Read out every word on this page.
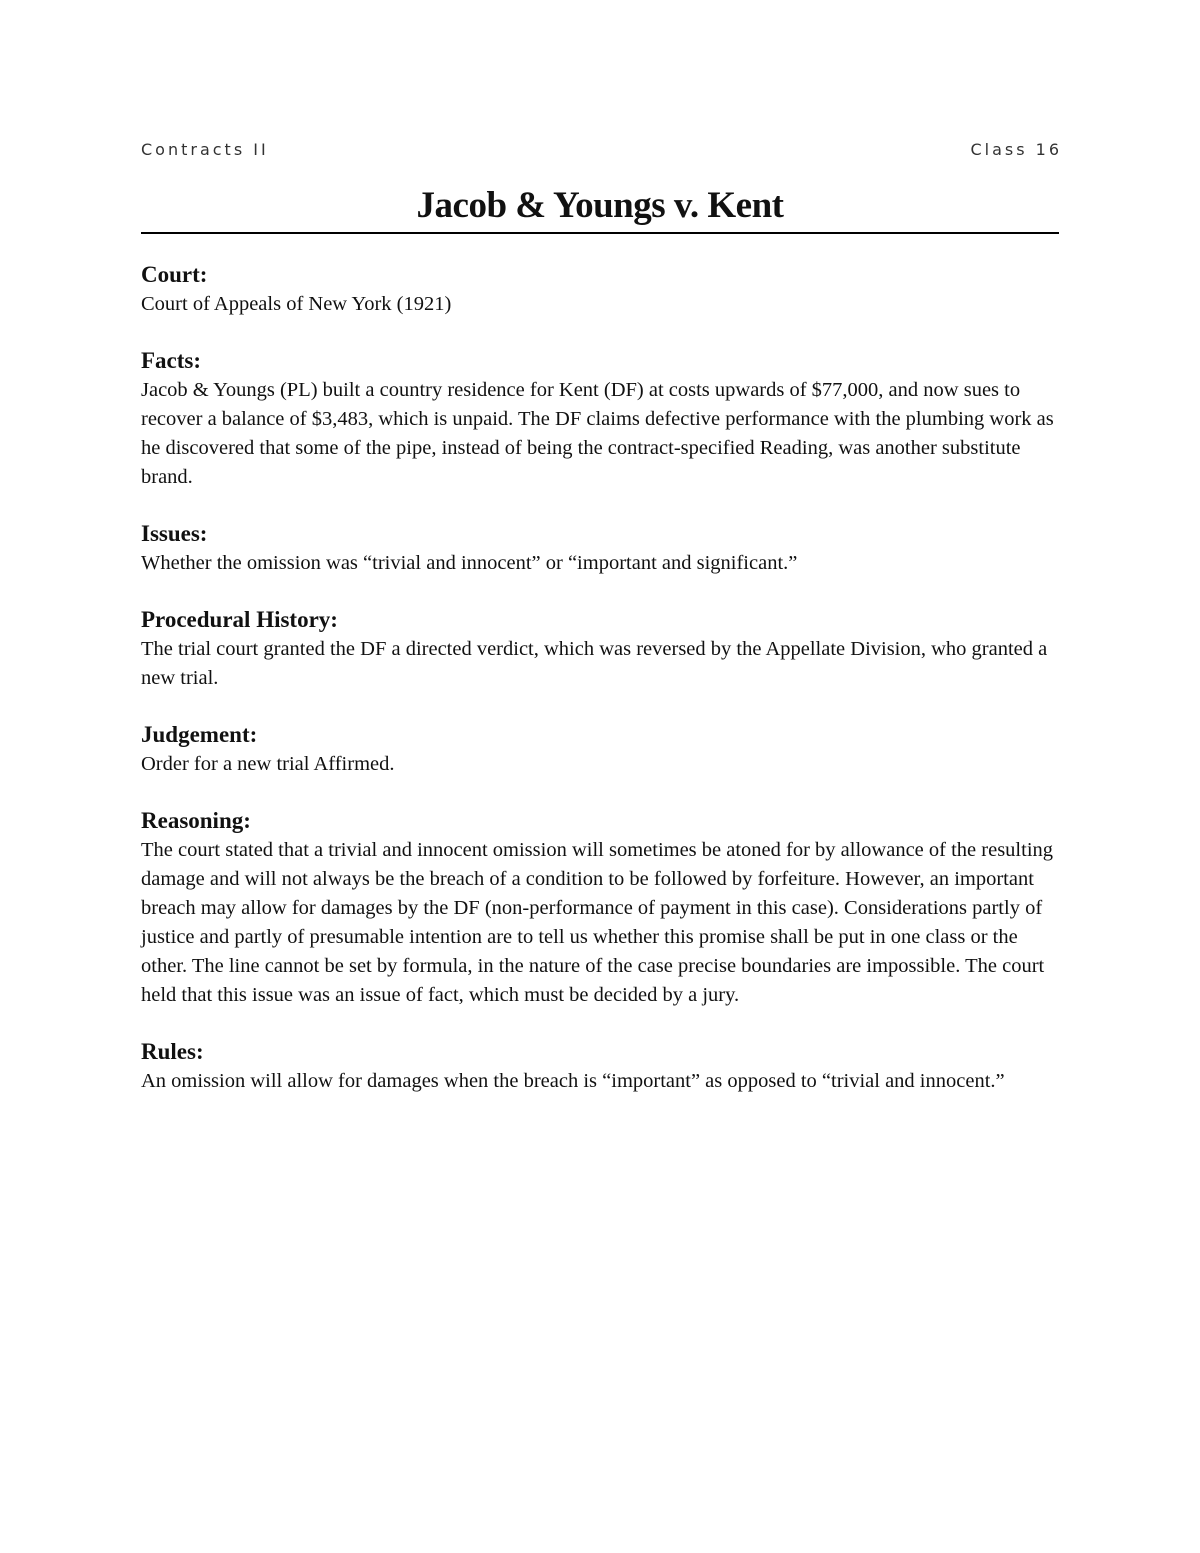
Contracts II	Class 16
Jacob & Youngs v. Kent
Court:

Court of Appeals of New York (1921)

Facts:

Jacob & Youngs (PL) built a country residence for Kent (DF) at costs upwards of $77,000, and now sues to recover a balance of $3,483, which is unpaid. The DF claims defective performance with the plumbing work as he discovered that some of the pipe, instead of being the contract-specified Reading, was another substitute brand.

Issues:

Whether the omission was “trivial and innocent” or “important and significant.”

Procedural History:

The trial court granted the DF a directed verdict, which was reversed by the Appellate Division, who granted a new trial.

Judgement:

Order for a new trial Affirmed.

Reasoning:

The court stated that a trivial and innocent omission will sometimes be atoned for by allowance of the resulting damage and will not always be the breach of a condition to be followed by forfeiture. However, an important breach may allow for damages by the DF (non-performance of payment in this case). Considerations partly of justice and partly of presumable intention are to tell us whether this promise shall be put in one class or the other. The line cannot be set by formula, in the nature of the case precise boundaries are impossible. The court held that this issue was an issue of fact, which must be decided by a jury.

Rules:

An omission will allow for damages when the breach is “important” as opposed to “trivial and innocent.”
